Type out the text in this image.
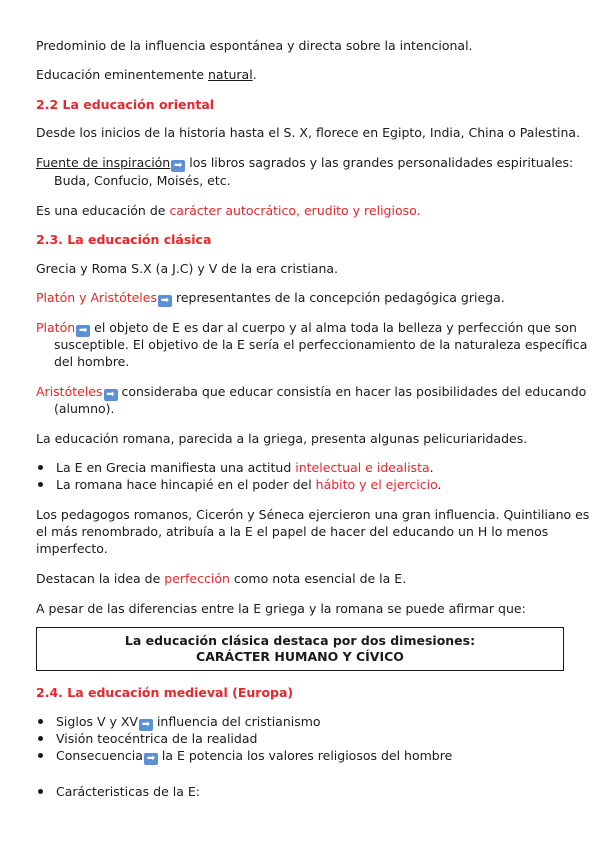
Predominio de la influencia espontánea y directa sobre la intencional.
Educación eminentemente natural.
2.2 La educación oriental
Desde los inicios de la historia hasta el S. X, florece en Egipto, India, China o Palestina.
Fuente de inspiración ➡ los libros sagrados y las grandes personalidades espirituales:
Buda, Confucio, Moisés, etc.
Es una educación de carácter autocrático, erudito y religioso.
2.3. La educación clásica
Grecia y Roma S.X (a J.C) y V de la era cristiana.
Platón y Aristóteles ➡ representantes de la concepción pedagógica griega.
Platón ➡ el objeto de E es dar al cuerpo y al alma toda la belleza y perfección que son
susceptible. El objetivo de la E sería el perfeccionamiento de la naturaleza específica
del hombre.
Aristóteles ➡ consideraba que educar consistía en hacer las posibilidades del educando
(alumno).
La educación romana, parecida a la griega, presenta algunas pelicuriaridades.
La E en Grecia manifiesta una actitud intelectual e idealista.
La romana hace hincapié en el poder del hábito y el ejercicio.
Los pedagogos romanos, Cicerón y Séneca ejercieron una gran influencia. Quintiliano es
el más renombrado, atribuía a la E el papel de hacer del educando un H lo menos
imperfecto.
Destacan la idea de perfección como nota esencial de la E.
A pesar de las diferencias entre la E griega y la romana se puede afirmar que:
La educación clásica destaca por dos dimesiones:
CARÁCTER HUMANO Y CÍVICO
2.4. La educación medieval (Europa)
Siglos V y XV ➡ influencia del cristianismo
Visión teocéntrica de la realidad
Consecuencia ➡ la E potencia los valores religiosos del hombre
Carácteristicas de la E:
